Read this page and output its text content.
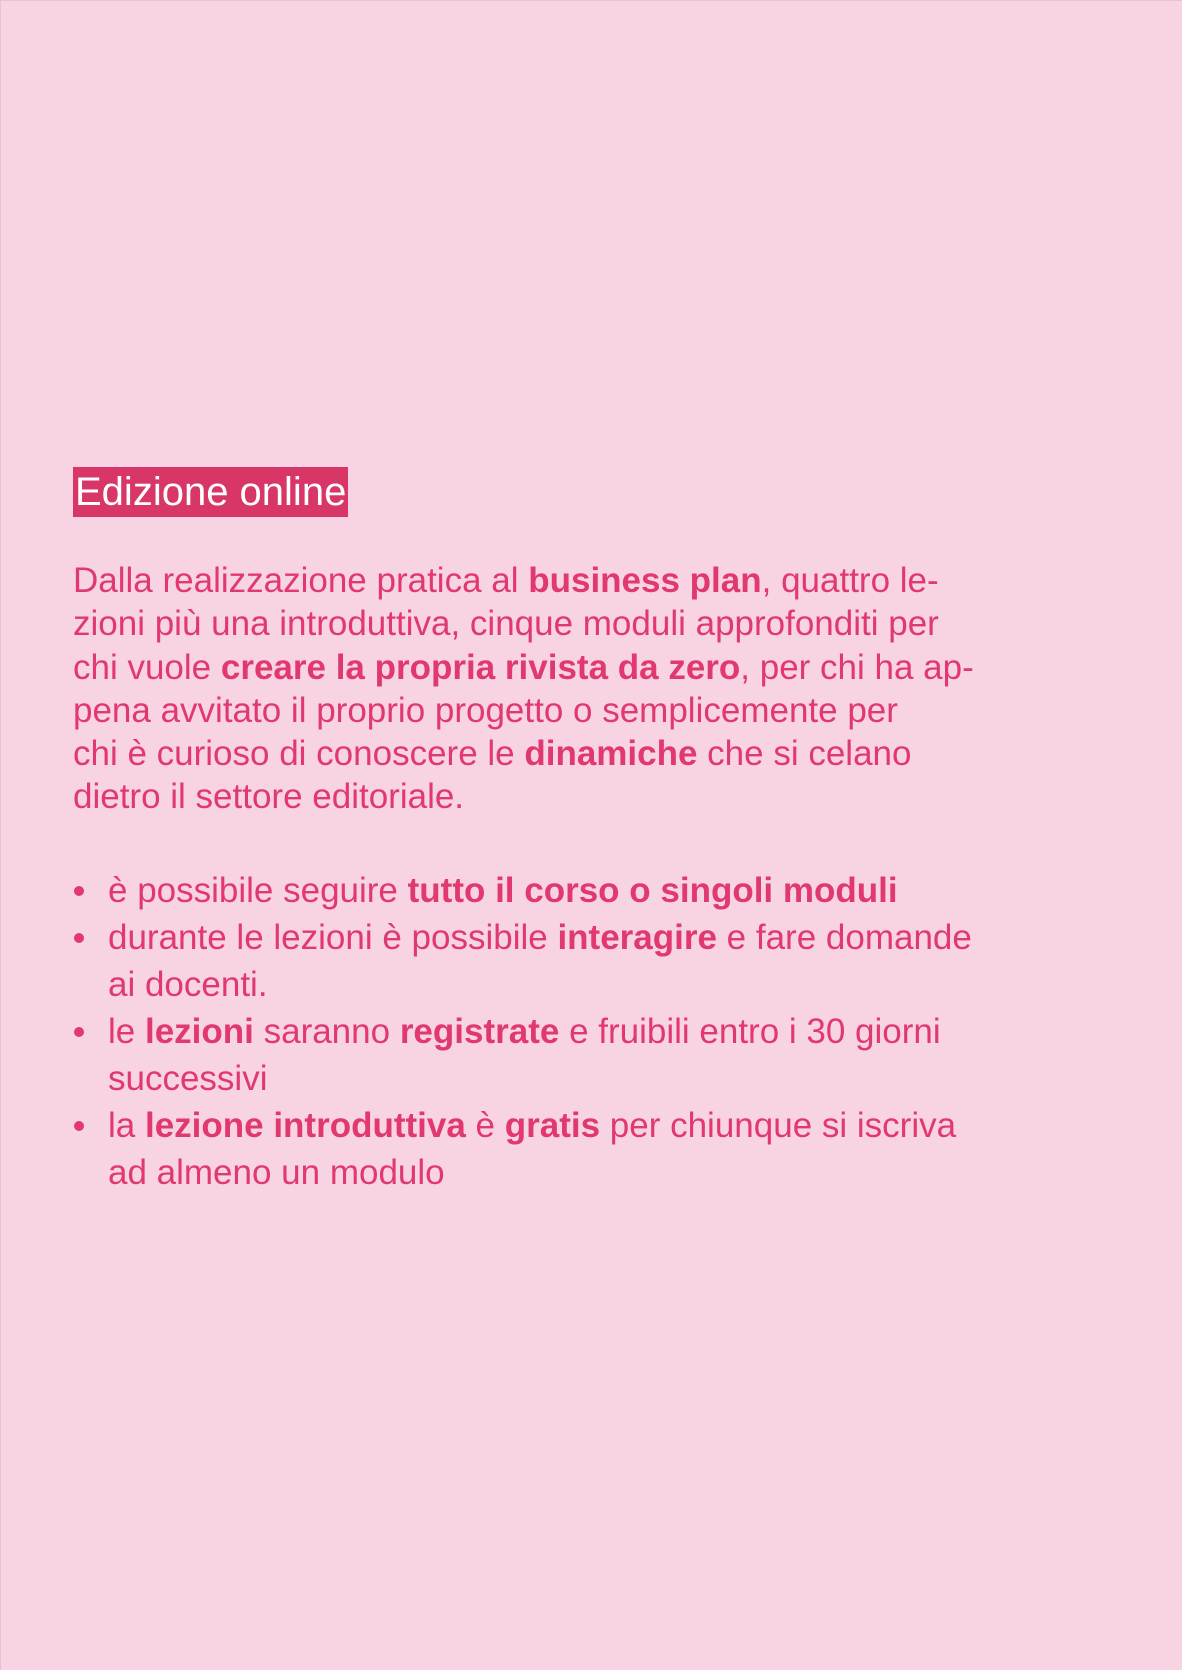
Edizione online
Dalla realizzazione pratica al business plan, quattro le-
zioni più una introduttiva, cinque moduli approfonditi per
chi vuole creare la propria rivista da zero, per chi ha ap-
pena avvitato il proprio progetto o semplicemente per
chi è curioso di conoscere le dinamiche che si celano
dietro il settore editoriale.
è possibile seguire tutto il corso o singoli moduli
durante le lezioni è possibile interagire e fare domande
ai docenti.
le lezioni saranno registrate e fruibili entro i 30 giorni
successivi
la lezione introduttiva è gratis per chiunque si iscriva
ad almeno un modulo
